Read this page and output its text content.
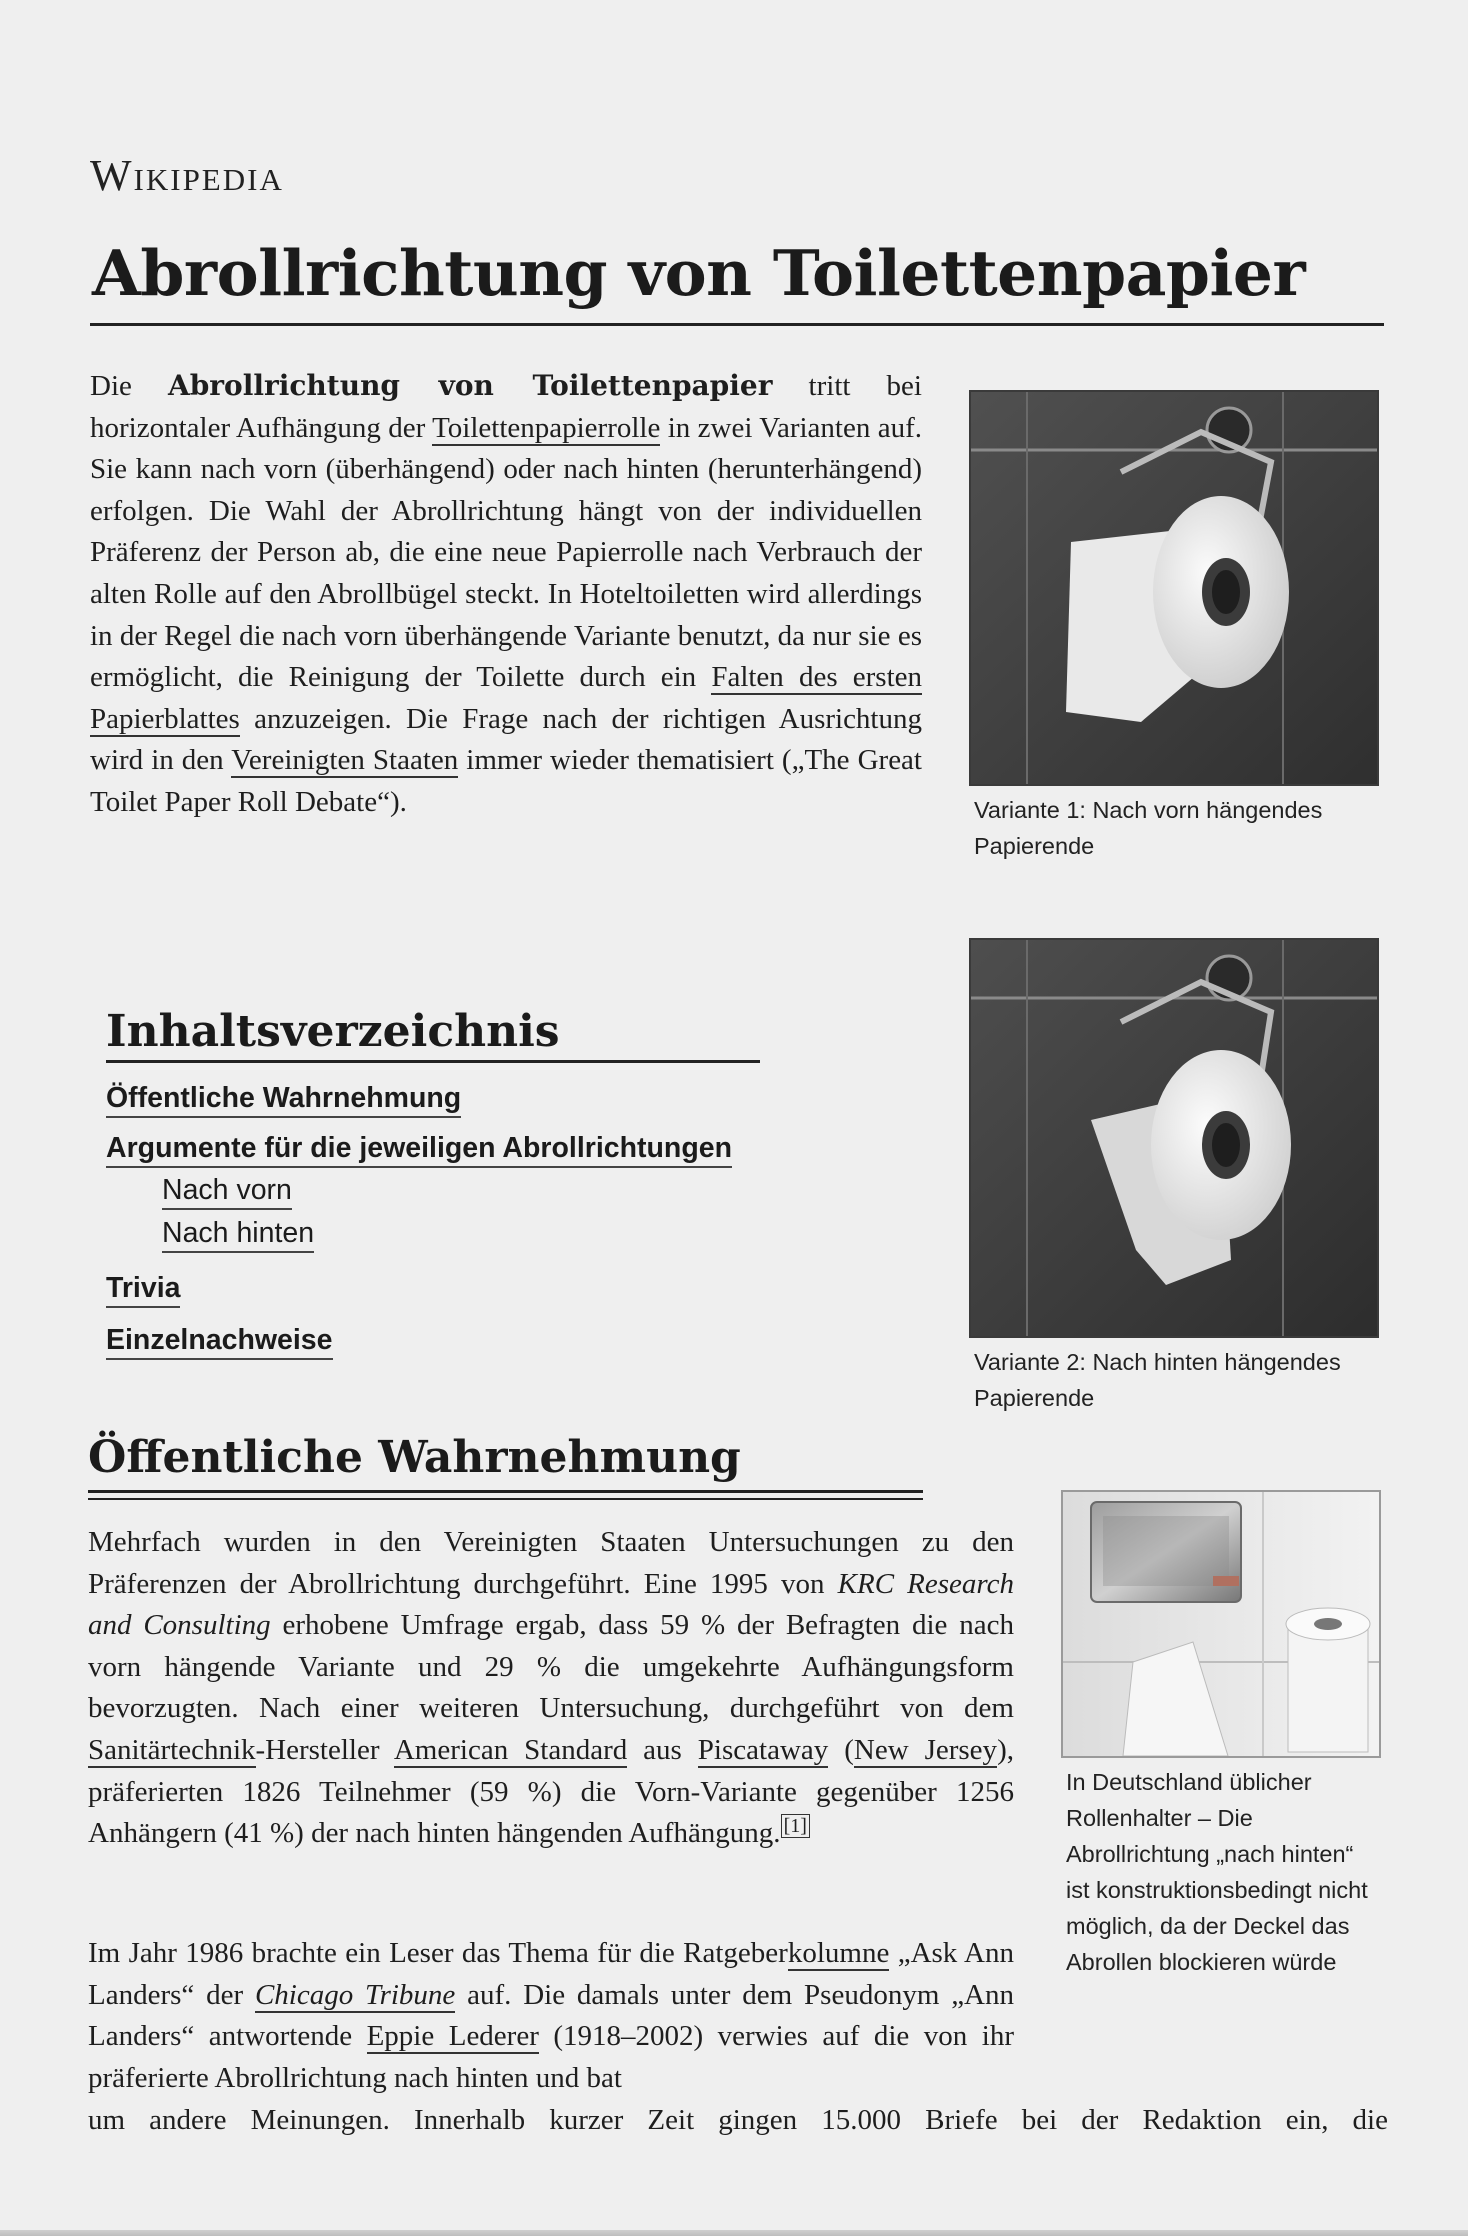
Wikipedia
Abrollrichtung von Toilettenpapier

Die Abrollrichtung von Toilettenpapier tritt bei horizontaler Aufhängung der Toilettenpapierrolle in zwei Varianten auf. Sie kann nach vorn (überhängend) oder nach hinten (herunterhängend) erfolgen. Die Wahl der Abrollrichtung hängt von der individuellen Präferenz der Person ab, die eine neue Papierrolle nach Verbrauch der alten Rolle auf den Abrollbügel steckt. In Hoteltoiletten wird allerdings in der Regel die nach vorn überhängende Variante benutzt, da nur sie es ermöglicht, die Reinigung der Toilette durch ein Falten des ersten Papierblattes anzuzeigen. Die Frage nach der richtigen Ausrichtung wird in den Vereinigten Staaten immer wieder thematisiert („The Great Toilet Paper Roll Debate“).	Variante 1: Nach vorn hängendes Papierende
Variante 2: Nach hinten hängendes Papierende
Inhaltsverzeichnis
Öffentliche Wahrnehmung
Argumente für die jeweiligen Abrollrichtungen
Nach vorn
Nach hinten
Trivia
Einzelnachweise
Öffentliche Wahrnehmung
In Deutschland üblicher Rollenhalter – Die Abrollrichtung „nach hinten“ ist konstruktionsbedingt nicht möglich, da der Deckel das Abrollen blockieren würde

Mehrfach wurden in den Vereinigten Staaten Untersuchungen zu den Präferenzen der Abrollrichtung durchgeführt. Eine 1995 von KRC Research and Consulting erhobene Umfrage ergab, dass 59 % der Befragten die nach vorn hängende Variante und 29 % die umgekehrte Aufhängungsform bevorzugten. Nach einer weiteren Untersuchung, durchgeführt von dem Sanitärtechnik-Hersteller American Standard aus Piscataway (New Jersey), präferierten 1826 Teilnehmer (59 %) die Vorn-Variante gegenüber 1256 Anhängern (41 %) der nach hinten hängenden Aufhängung. [1]

Im Jahr 1986 brachte ein Leser das Thema für die Ratgeberkolumne „Ask Ann Landers“ der Chicago Tribune auf. Die damals unter dem Pseudonym „Ann Landers“ antwortende Eppie Lederer (1918–2002) verwies auf die von ihr präferierte Abrollrichtung nach hinten und bat

um andere Meinungen. Innerhalb kurzer Zeit gingen 15.000 Briefe bei der Redaktion ein, die
